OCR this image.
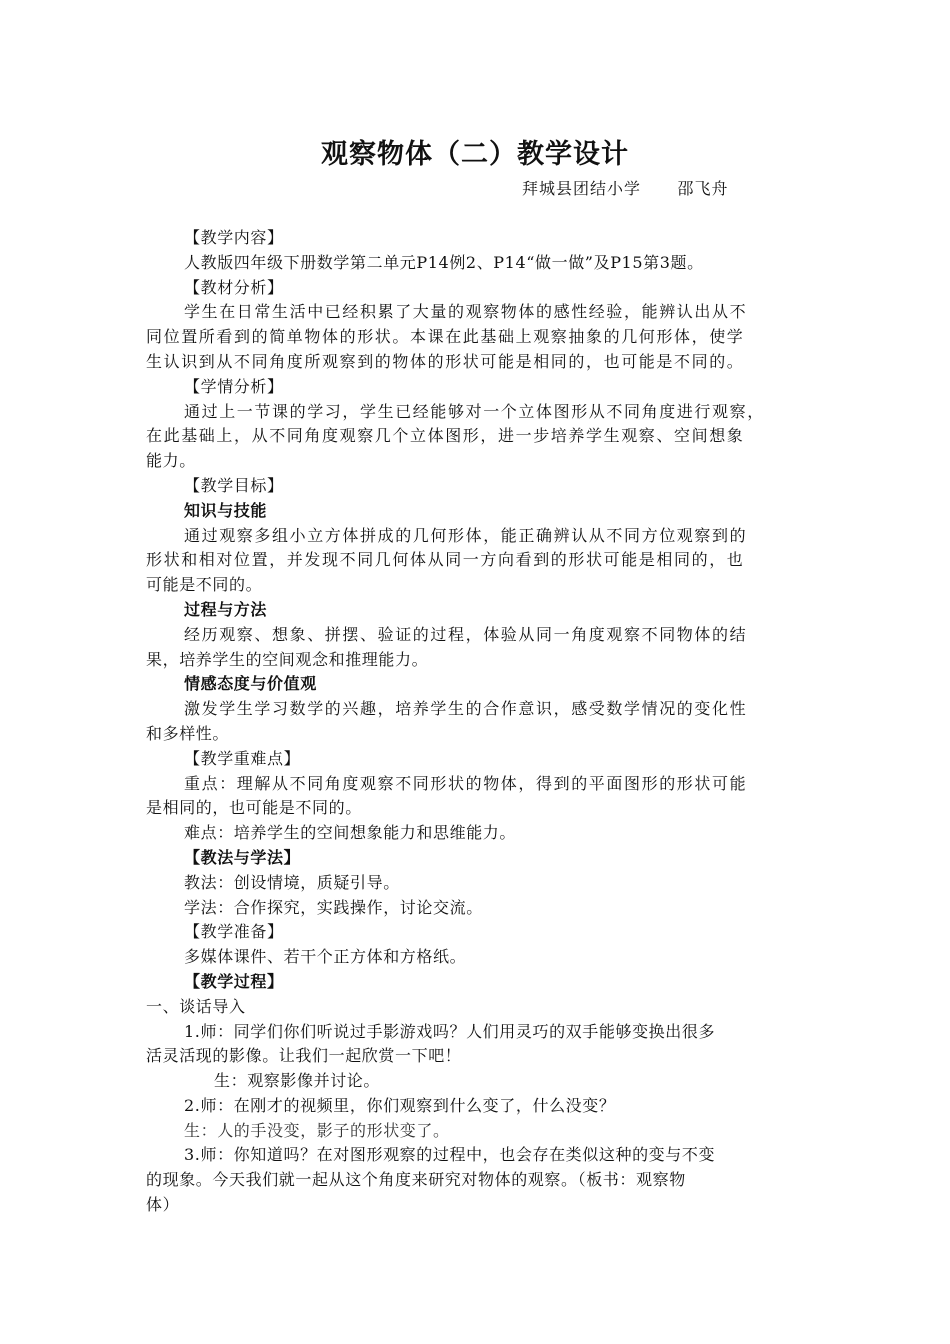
观察物体（二）教学设计
拜城县团结小学      邵飞舟
【教学内容】
人教版四年级下册数学第二单元P14例2、P14“做一做”及P15第3题。
【教材分析】
学生在日常生活中已经积累了大量的观察物体的感性经验，能辨认出从不
同位置所看到的简单物体的形状。本课在此基础上观察抽象的几何形体，使学
生认识到从不同角度所观察到的物体的形状可能是相同的，也可能是不同的。
【学情分析】
通过上一节课的学习，学生已经能够对一个立体图形从不同角度进行观察，
在此基础上，从不同角度观察几个立体图形，进一步培养学生观察、空间想象
能力。
【教学目标】
知识与技能
通过观察多组小立方体拼成的几何形体，能正确辨认从不同方位观察到的
形状和相对位置，并发现不同几何体从同一方向看到的形状可能是相同的，也
可能是不同的。
过程与方法
经历观察、想象、拼摆、验证的过程，体验从同一角度观察不同物体的结
果，培养学生的空间观念和推理能力。
情感态度与价值观
激发学生学习数学的兴趣，培养学生的合作意识，感受数学情况的变化性
和多样性。
【教学重难点】
重点：理解从不同角度观察不同形状的物体，得到的平面图形的形状可能
是相同的，也可能是不同的。
难点：培养学生的空间想象能力和思维能力。
【教法与学法】
教法：创设情境，质疑引导。
学法：合作探究，实践操作，讨论交流。
【教学准备】
多媒体课件、若干个正方体和方格纸。
【教学过程】
一、谈话导入
1.师：同学们你们听说过手影游戏吗？人们用灵巧的双手能够变换出很多
活灵活现的影像。让我们一起欣赏一下吧！
生：观察影像并讨论。
2.师：在刚才的视频里，你们观察到什么变了，什么没变？
生：人的手没变，影子的形状变了。
3.师：你知道吗？在对图形观察的过程中，也会存在类似这种的变与不变
的现象。今天我们就一起从这个角度来研究对物体的观察。（板书：观察物
体）
